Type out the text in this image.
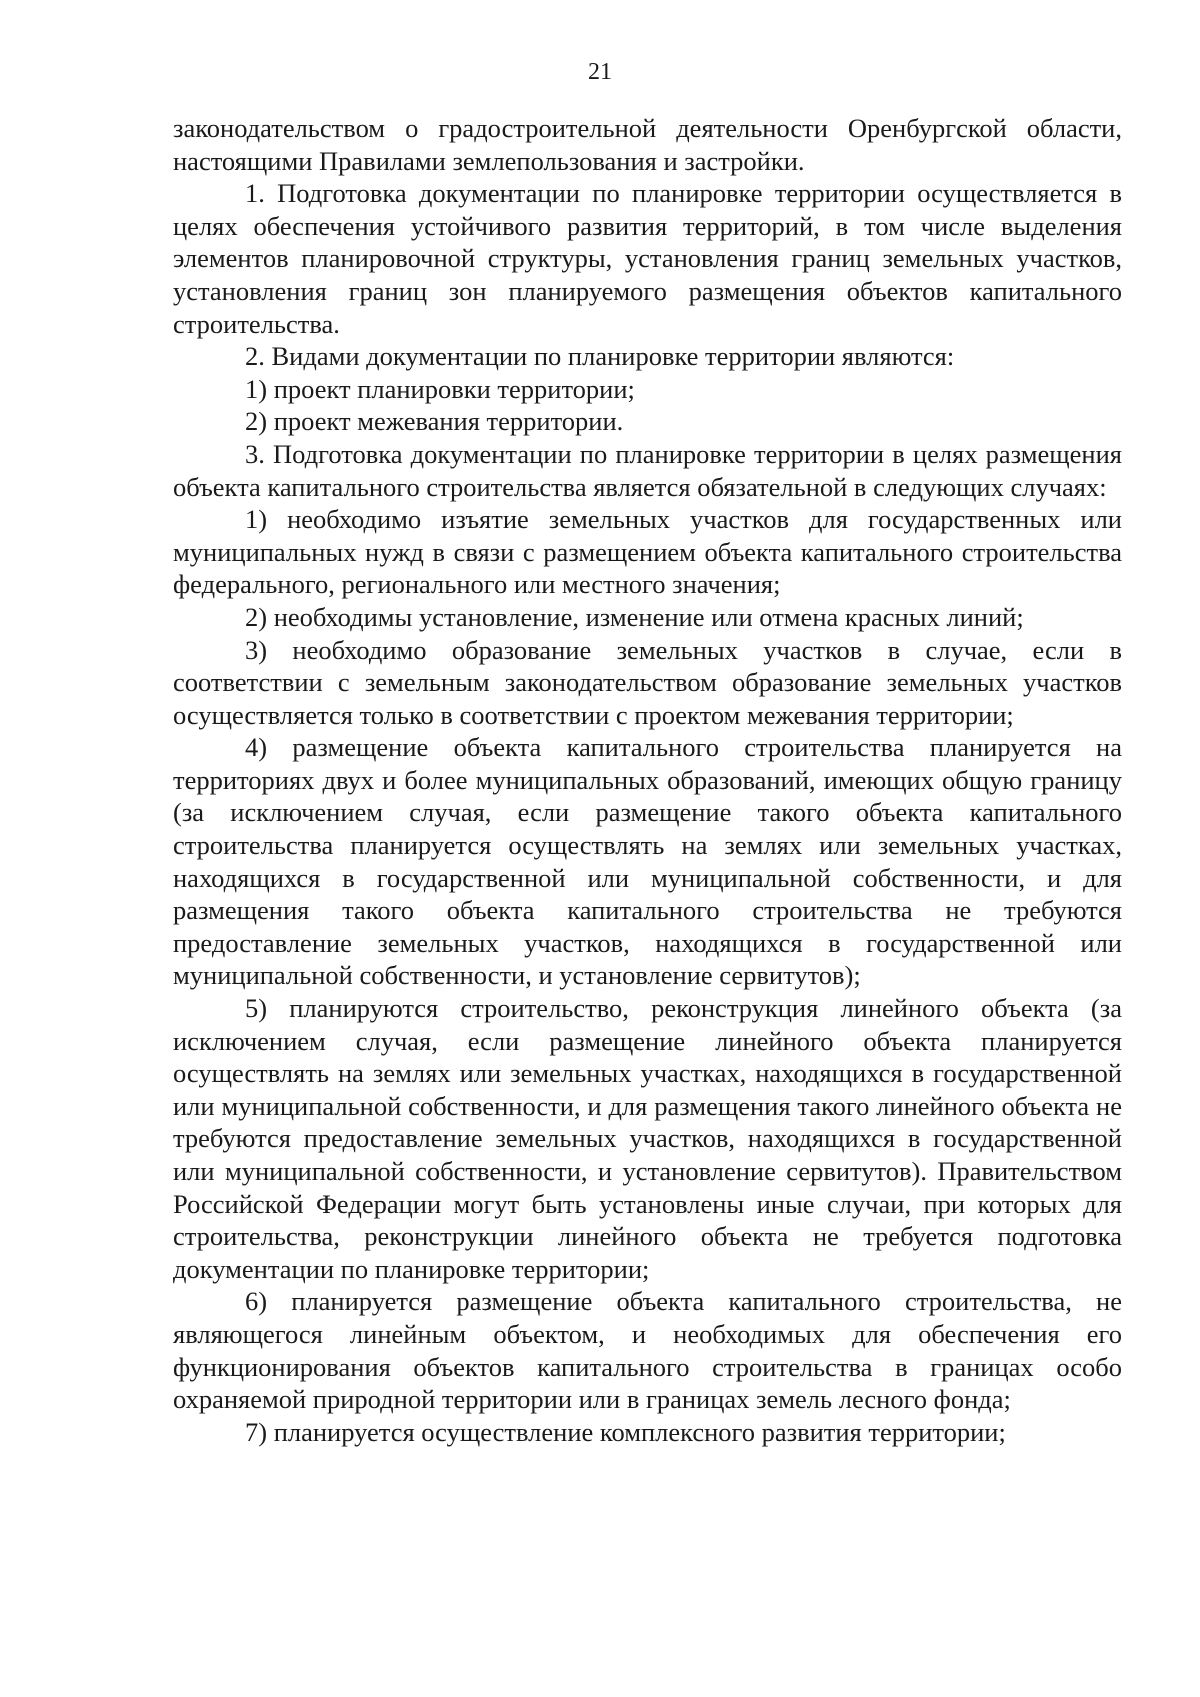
21

законодательством о градостроительной деятельности Оренбургской области, настоящими Правилами землепользования и застройки.

1. Подготовка документации по планировке территории осуществляется в целях обеспечения устойчивого развития территорий, в том числе выделения элементов планировочной структуры, установления границ земельных участков, установления границ зон планируемого размещения объектов капитального строительства.

2. Видами документации по планировке территории являются:

1) проект планировки территории;

2) проект межевания территории.

3. Подготовка документации по планировке территории в целях размещения объекта капитального строительства является обязательной в следующих случаях:

1) необходимо изъятие земельных участков для государственных или муниципальных нужд в связи с размещением объекта капитального строительства федерального, регионального или местного значения;

2) необходимы установление, изменение или отмена красных линий;

3) необходимо образование земельных участков в случае, если в соответствии с земельным законодательством образование земельных участков осуществляется только в соответствии с проектом межевания территории;

4) размещение объекта капитального строительства планируется на территориях двух и более муниципальных образований, имеющих общую границу (за исключением случая, если размещение такого объекта капитального строительства планируется осуществлять на землях или земельных участках, находящихся в государственной или муниципальной собственности, и для размещения такого объекта капитального строительства не требуются предоставление земельных участков, находящихся в государственной или муниципальной собственности, и установление сервитутов);

5) планируются строительство, реконструкция линейного объекта (за исключением случая, если размещение линейного объекта планируется осуществлять на землях или земельных участках, находящихся в государственной или муниципальной собственности, и для размещения такого линейного объекта не требуются предоставление земельных участков, находящихся в государственной или муниципальной собственности, и установление сервитутов). Правительством Российской Федерации могут быть установлены иные случаи, при которых для строительства, реконструкции линейного объекта не требуется подготовка документации по планировке территории;

6) планируется размещение объекта капитального строительства, не являющегося линейным объектом, и необходимых для обеспечения его функционирования объектов капитального строительства в границах особо охраняемой природной территории или в границах земель лесного фонда;

7) планируется осуществление комплексного развития территории;
